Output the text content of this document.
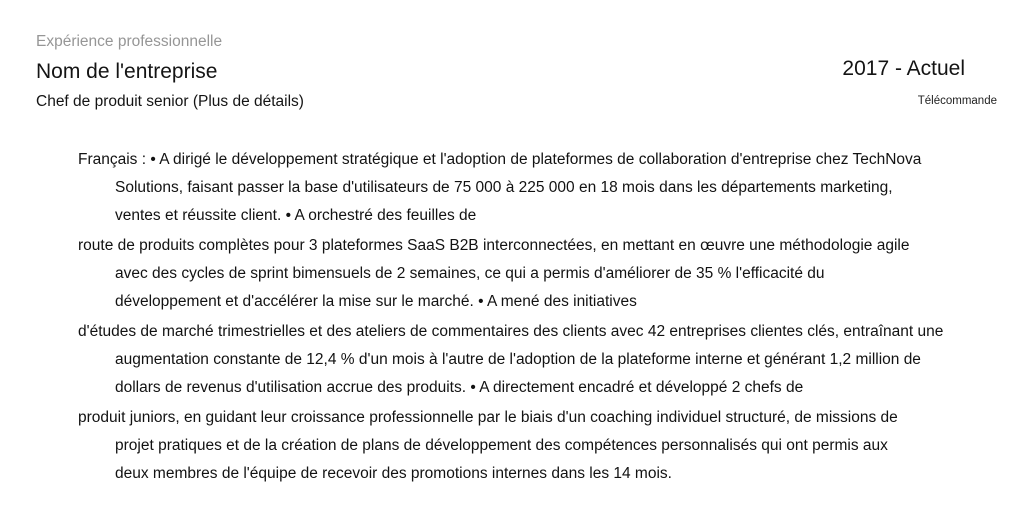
Expérience professionnelle
Nom de l'entreprise
Chef de produit senior (Plus de détails)
2017 - Actuel
Télécommande

Français : • A dirigé le développement stratégique et l'adoption de plateformes de collaboration d'entreprise chez TechNova
Solutions, faisant passer la base d'utilisateurs de 75 000 à 225 000 en 18 mois dans les départements marketing,
ventes et réussite client. • A orchestré des feuilles de

route de produits complètes pour 3 plateformes SaaS B2B interconnectées, en mettant en œuvre une méthodologie agile
avec des cycles de sprint bimensuels de 2 semaines, ce qui a permis d'améliorer de 35 % l'efficacité du
développement et d'accélérer la mise sur le marché. • A mené des initiatives

d'études de marché trimestrielles et des ateliers de commentaires des clients avec 42 entreprises clientes clés, entraînant une
augmentation constante de 12,4 % d'un mois à l'autre de l'adoption de la plateforme interne et générant 1,2 million de
dollars de revenus d'utilisation accrue des produits. • A directement encadré et développé 2 chefs de

produit juniors, en guidant leur croissance professionnelle par le biais d'un coaching individuel structuré, de missions de
projet pratiques et de la création de plans de développement des compétences personnalisés qui ont permis aux
deux membres de l'équipe de recevoir des promotions internes dans les 14 mois.
